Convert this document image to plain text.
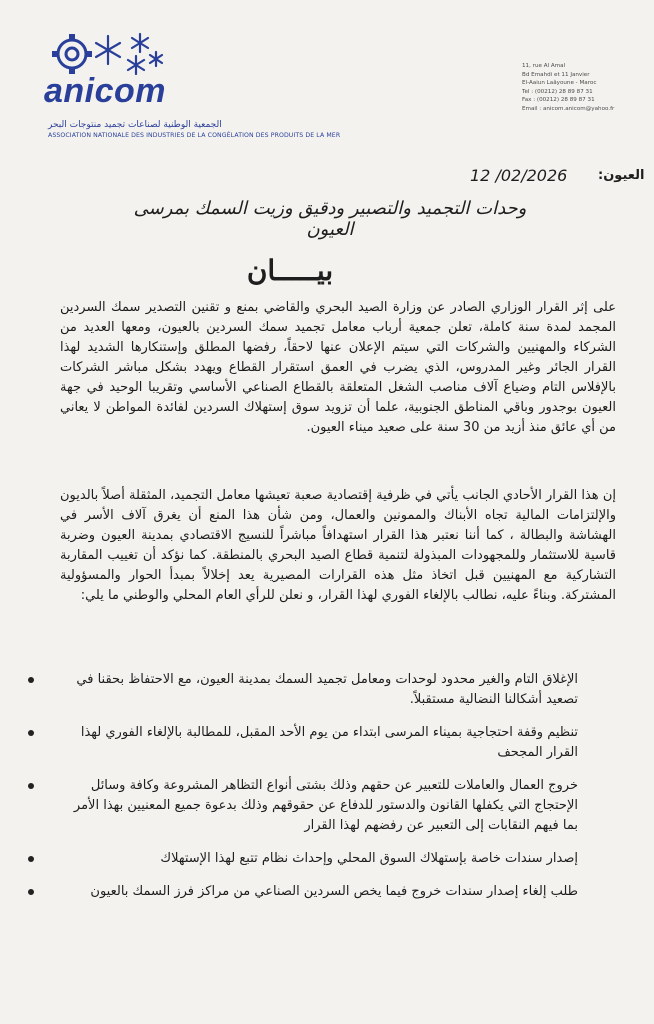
anicom
الجمعية الوطنية لصناعات تجميد منتوجات البحر
ASSOCIATION NATIONALE DES INDUSTRIES DE LA CONGÉLATION DES PRODUITS DE LA MER
11, rue Al Amal
Bd Emahdi et 11 Janvier
El-Aaiun Laâyoune - Maroc
Tel : (00212) 28 89 87 31
Fax : (00212) 28 89 87 31
Email : anicom.anicom@yahoo.fr
العيون:
12 /02/2026
وحدات التجميد والتصبير ودقيق وزيت السمك بمرسى العيون
بيـــــان
على إثر القرار الوزاري الصادر عن وزارة الصيد البحري والقاضي بمنع و تقنين التصدير سمك السردين المجمد لمدة سنة كاملة، تعلن جمعية أرباب معامل تجميد سمك السردين بالعيون، ومعها العديد من الشركاء والمهنيين والشركات التي سيتم الإعلان عنها لاحقاً، رفضها المطلق وإستنكارها الشديد لهذا القرار الجائر وغير المدروس، الذي يضرب في العمق استقرار القطاع ويهدد بشكل مباشر الشركات بالإفلاس التام وضياع آلاف مناصب الشغل المتعلقة بالقطاع الصناعي الأساسي وتقريبا الوحيد في جهة العيون بوجدور وباقي المناطق الجنوبية، علما أن تزويد سوق إستهلاك السردين لفائدة المواطن لا يعاني من أي عائق منذ أزيد من 30 سنة على صعيد ميناء العيون.
إن هذا القرار الأحادي الجانب يأتي في ظرفية إقتصادية صعبة تعيشها معامل التجميد، المثقلة أصلاً بالديون والإلتزامات المالية تجاه الأبناك والممونين والعمال، ومن شأن هذا المنع أن يغرق آلاف الأسر في الهشاشة والبطالة ، كما أننا نعتبر هذا القرار استهدافاً مباشراً للنسيج الاقتصادي بمدينة العيون وضربة قاسية للاستثمار وللمجهودات المبذولة لتنمية قطاع الصيد البحري بالمنطقة. كما نؤكد أن تغييب المقاربة التشاركية مع المهنيين قبل اتخاذ مثل هذه القرارات المصيرية يعد إخلالاً بمبدأ الحوار والمسؤولية المشتركة. وبناءً عليه، نطالب بالإلغاء الفوري لهذا القرار، و نعلن للرأي العام المحلي والوطني ما يلي:
الإغلاق التام والغير محدود لوحدات ومعامل تجميد السمك بمدينة العيون، مع الاحتفاظ بحقنا في تصعيد أشكالنا النضالية مستقبلاً.
تنظيم وقفة احتجاجية بميناء المرسى ابتداء من يوم الأحد المقبل، للمطالبة بالإلغاء الفوري لهذا القرار المجحف
خروج العمال والعاملات للتعبير عن حقهم وذلك بشتى أنواع التظاهر المشروعة وكافة وسائل الإحتجاج التي يكفلها القانون والدستور للدفاع عن حقوقهم وذلك بدعوة جميع المعنيين بهذا الأمر بما فيهم النقابات إلى التعبير عن رفضهم لهذا القرار
إصدار سندات خاصة بإستهلاك السوق المحلي وإحداث نظام تتبع لهذا الإستهلاك
طلب إلغاء إصدار سندات خروج فيما يخص السردين الصناعي من مراكز فرز السمك بالعيون
